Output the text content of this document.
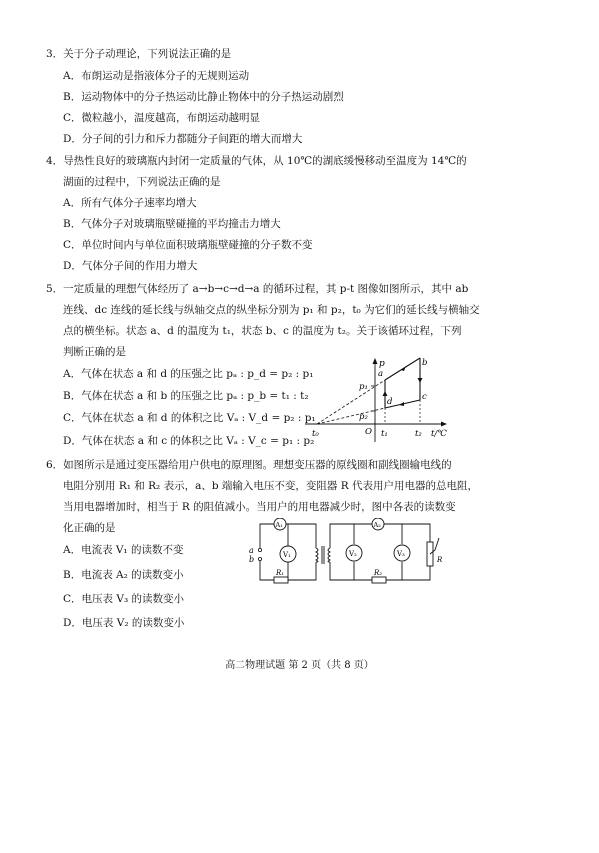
3．关于分子动理论，下列说法正确的是
A．布朗运动是指液体分子的无规则运动
B．运动物体中的分子热运动比静止物体中的分子热运动剧烈
C．微粒越小，温度越高，布朗运动越明显
D．分子间的引力和斥力都随分子间距的增大而增大
4．导热性良好的玻璃瓶内封闭一定质量的气体，从 10℃的湖底缓慢移动至温度为 14℃的
湖面的过程中，下列说法正确的是
A．所有气体分子速率均增大
B．气体分子对玻璃瓶壁碰撞的平均撞击力增大
C．单位时间内与单位面积玻璃瓶壁碰撞的分子数不变
D．气体分子间的作用力增大
5．一定质量的理想气体经历了 a→b→c→d→a 的循环过程，其 p-t 图像如图所示，其中 ab
连线、dc 连线的延长线与纵轴交点的纵坐标分别为 p₁ 和 p₂，t₀ 为它们的延长线与横轴交
点的横坐标。状态 a、d 的温度为 t₁，状态 b、c 的温度为 t₂。关于该循环过程，下列
判断正确的是
A．气体在状态 a 和 d 的压强之比 pₐ : p_d = p₂ : p₁
B．气体在状态 a 和 b 的压强之比 pₐ : p_b = t₁ : t₂
C．气体在状态 a 和 d 的体积之比 Vₐ : V_d = p₂ : p₁
D．气体在状态 a 和 c 的体积之比 Vₐ : V_c = p₁ : p₂
p
t/℃
O
t₀	t₁	t₂
p₁
p₂
a
b
c
d
6．如图所示是通过变压器给用户供电的原理图。理想变压器的原线圈和副线圈输电线的
电阻分别用 R₁ 和 R₂ 表示，a、b 端输入电压不变，变阻器 R 代表用户用电器的总电阻，
当用电器增加时，相当于 R 的阻值减小。当用户的用电器减少时，图中各表的读数变
化正确的是
A．电流表 V₁ 的读数不变
B．电流表 A₂ 的读数变小
C．电压表 V₃ 的读数变小
D．电压表 V₂ 的读数变小
a
b
A₁	A₂
V₁	V₂	V₃
R₁	R₂
R
高二物理试题 第 2 页（共 8 页）
